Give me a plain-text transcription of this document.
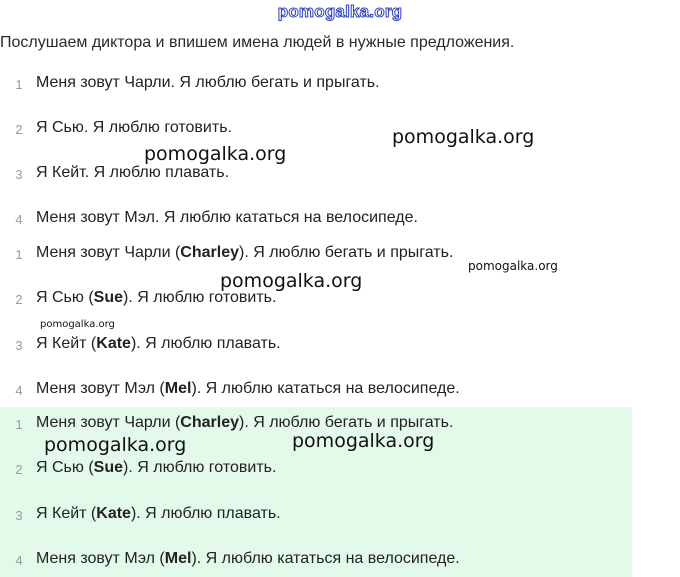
pomogalka.org
Послушаем диктора и впишем имена людей в нужные предложения.
1 Меня зовут Чарли. Я люблю бегать и прыгать.
2 Я Сью. Я люблю готовить.
3 Я Кейт. Я люблю плавать.
4 Меня зовут Мэл. Я люблю кататься на велосипеде.
1 Меня зовут Чарли (Charley). Я люблю бегать и прыгать.
2 Я Сью (Sue). Я люблю готовить.
3 Я Кейт (Kate). Я люблю плавать.
4 Меня зовут Мэл (Mel). Я люблю кататься на велосипеде.
1 Меня зовут Чарли (Charley). Я люблю бегать и прыгать.
2 Я Сью (Sue). Я люблю готовить.
3 Я Кейт (Kate). Я люблю плавать.
4 Меня зовут Мэл (Mel). Я люблю кататься на велосипеде.
pomogalka.org
pomogalka.org
pomogalka.org
pomogalka.org
pomogalka.org
pomogalka.org	pomogalka.org
